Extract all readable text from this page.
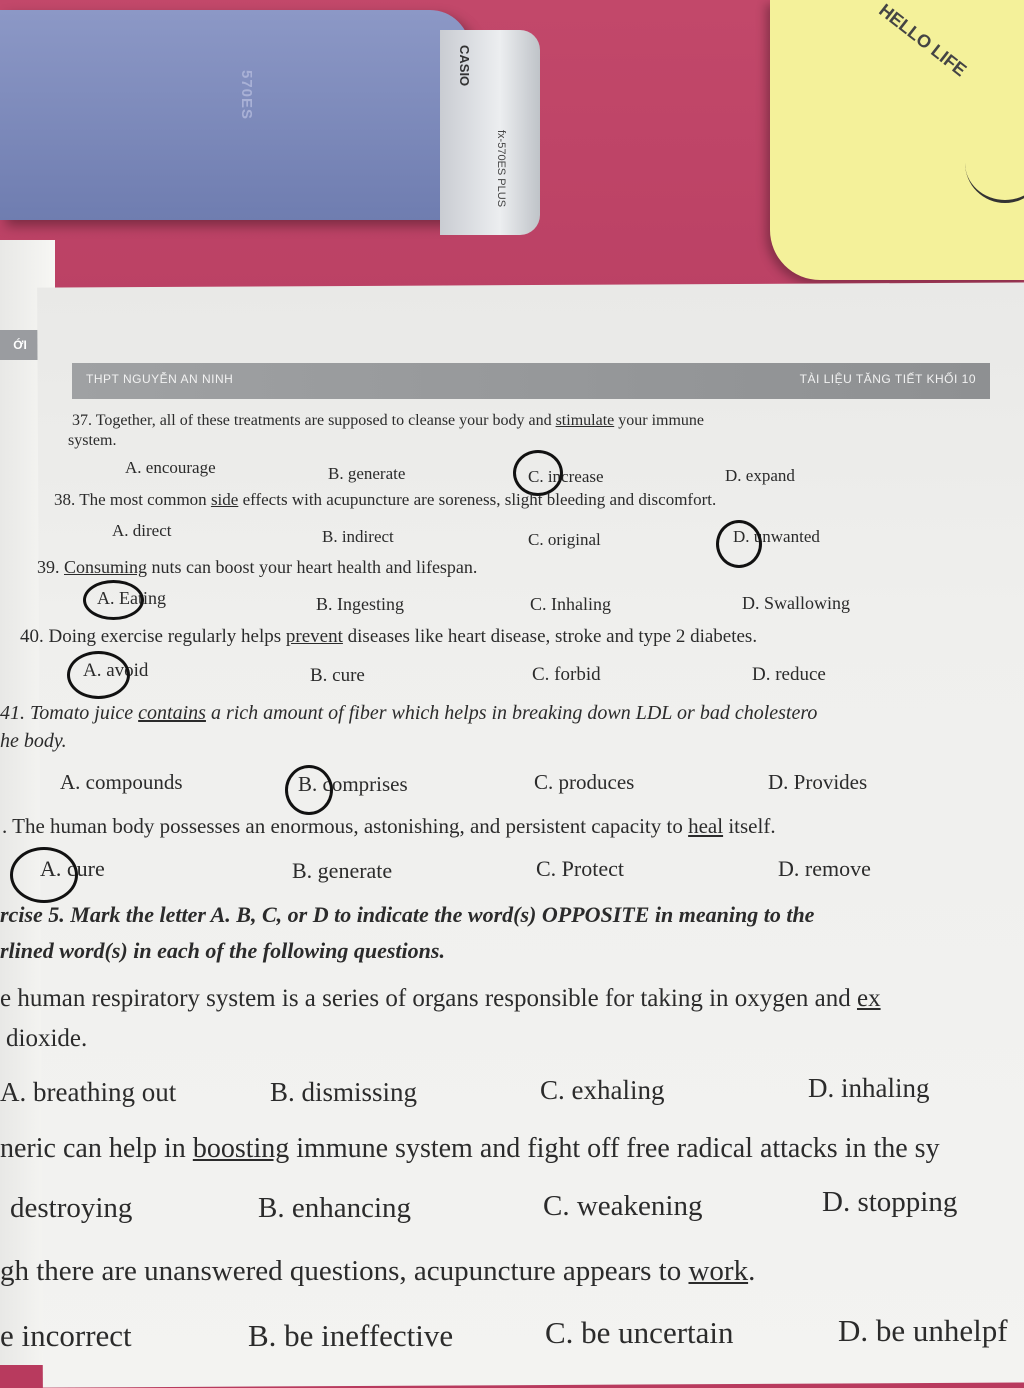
570ES
CASIO
fx-570ES PLUS
HELLO LIFE
ỚI
THPT NGUYỄN AN NINH	TÀI LIỆU TĂNG TIẾT KHỐI 10
37. Together, all of these treatments are supposed to cleanse your body and stimulate your immune
system.
A. encourage	B. generate	C. increase	D. expand
38. The most common side effects with acupuncture are soreness, slight bleeding and discomfort.
A. direct	B. indirect	C. original	D. unwanted
39. Consuming nuts can boost your heart health and lifespan.
A. Eating	B. Ingesting	C. Inhaling	D. Swallowing
40. Doing exercise regularly helps prevent diseases like heart disease, stroke and type 2 diabetes.
A. avoid	B. cure	C. forbid	D. reduce
41. Tomato juice contains a rich amount of fiber which helps in breaking down LDL or bad cholestero
he body.
A. compounds	B. comprises	C. produces	D. Provides
. The human body possesses an enormous, astonishing, and persistent capacity to heal itself.
A. cure	B. generate	C. Protect	D. remove
rcise 5. Mark the letter A. B, C, or D to indicate the word(s) OPPOSITE in meaning to the
rlined word(s) in each of the following questions.
e human respiratory system is a series of organs responsible for taking in oxygen and ex
dioxide.
A. breathing out	B. dismissing	C. exhaling	D. inhaling
neric can help in boosting immune system and fight off free radical attacks in the sy
destroying	B. enhancing	C. weakening	D. stopping
gh there are unanswered questions, acupuncture appears to work.
e incorrect	B. be ineffective	C. be uncertain	D. be unhelpf
